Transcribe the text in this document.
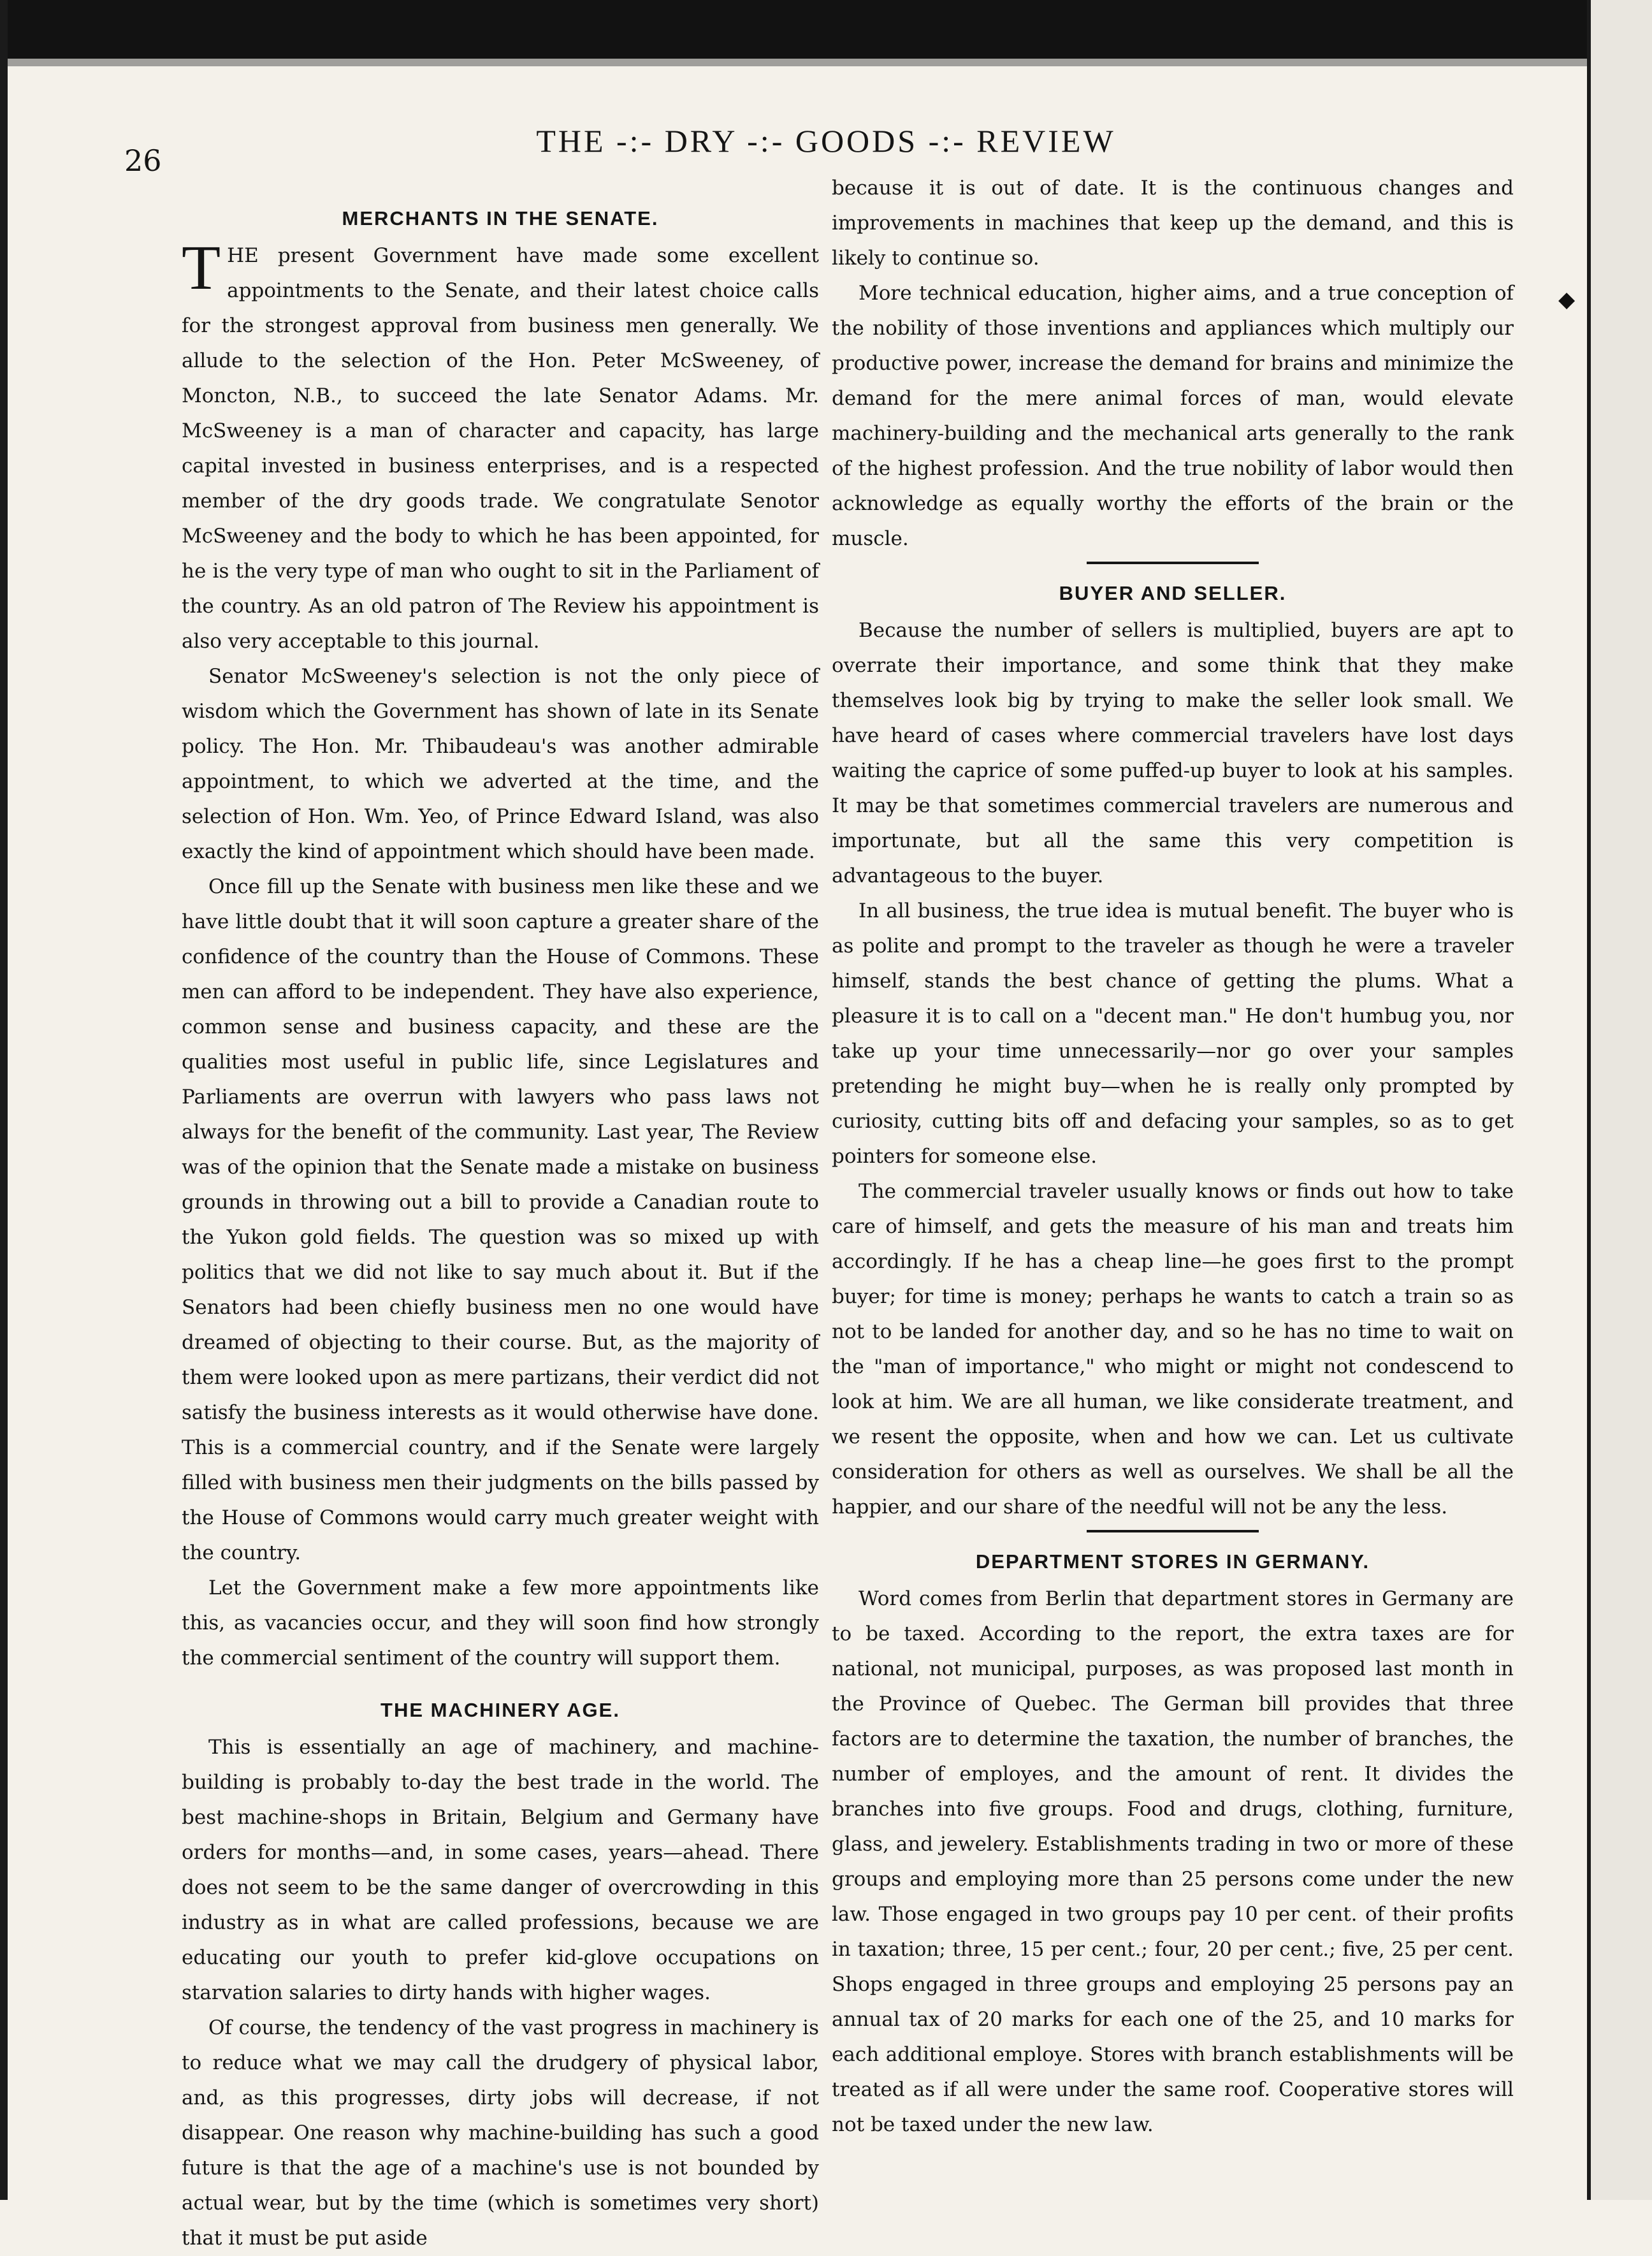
26
THE -:- DRY -:- GOODS -:- REVIEW
◆
MERCHANTS IN THE SENATE.

THE present Government have made some excellent appointments to the Senate, and their latest choice calls for the strongest approval from business men generally. We allude to the selection of the Hon. Peter McSweeney, of Moncton, N.B., to succeed the late Senator Adams. Mr. McSweeney is a man of character and capacity, has large capital invested in business enterprises, and is a respected member of the dry goods trade. We congratulate Senotor McSweeney and the body to which he has been appointed, for he is the very type of man who ought to sit in the Parliament of the country. As an old patron of The Review his appointment is also very acceptable to this journal.

Senator McSweeney's selection is not the only piece of wisdom which the Government has shown of late in its Senate policy. The Hon. Mr. Thibaudeau's was another admirable appointment, to which we adverted at the time, and the selection of Hon. Wm. Yeo, of Prince Edward Island, was also exactly the kind of appointment which should have been made.

Once fill up the Senate with business men like these and we have little doubt that it will soon capture a greater share of the confidence of the country than the House of Commons. These men can afford to be independent. They have also experience, common sense and business capacity, and these are the qualities most useful in public life, since Legislatures and Parliaments are overrun with lawyers who pass laws not always for the benefit of the community. Last year, The Review was of the opinion that the Senate made a mistake on business grounds in throwing out a bill to provide a Canadian route to the Yukon gold fields. The question was so mixed up with politics that we did not like to say much about it. But if the Senators had been chiefly business men no one would have dreamed of objecting to their course. But, as the majority of them were looked upon as mere partizans, their verdict did not satisfy the business interests as it would otherwise have done. This is a commercial country, and if the Senate were largely filled with business men their judgments on the bills passed by the House of Commons would carry much greater weight with the country.

Let the Government make a few more appointments like this, as vacancies occur, and they will soon find how strongly the commercial sentiment of the country will support them.

THE MACHINERY AGE.

This is essentially an age of machinery, and machine-building is probably to-day the best trade in the world. The best machine-shops in Britain, Belgium and Germany have orders for months—and, in some cases, years—ahead. There does not seem to be the same danger of overcrowding in this industry as in what are called professions, because we are educating our youth to prefer kid-glove occupations on starvation salaries to dirty hands with higher wages.

Of course, the tendency of the vast progress in machinery is to reduce what we may call the drudgery of physical labor, and, as this progresses, dirty jobs will decrease, if not disappear. One reason why machine-building has such a good future is that the age of a machine's use is not bounded by actual wear, but by the time (which is sometimes very short) that it must be put aside

because it is out of date. It is the continuous changes and improvements in machines that keep up the demand, and this is likely to continue so.

More technical education, higher aims, and a true conception of the nobility of those inventions and appliances which multiply our productive power, increase the demand for brains and minimize the demand for the mere animal forces of man, would elevate machinery-building and the mechanical arts generally to the rank of the highest profession. And the true nobility of labor would then acknowledge as equally worthy the efforts of the brain or the muscle.

BUYER AND SELLER.

Because the number of sellers is multiplied, buyers are apt to overrate their importance, and some think that they make themselves look big by trying to make the seller look small. We have heard of cases where commercial travelers have lost days waiting the caprice of some puffed-up buyer to look at his samples. It may be that sometimes commercial travelers are numerous and importunate, but all the same this very competition is advantageous to the buyer.

In all business, the true idea is mutual benefit. The buyer who is as polite and prompt to the traveler as though he were a traveler himself, stands the best chance of getting the plums. What a pleasure it is to call on a "decent man." He don't humbug you, nor take up your time unnecessarily—nor go over your samples pretending he might buy—when he is really only prompted by curiosity, cutting bits off and defacing your samples, so as to get pointers for someone else.

The commercial traveler usually knows or finds out how to take care of himself, and gets the measure of his man and treats him accordingly. If he has a cheap line—he goes first to the prompt buyer; for time is money; perhaps he wants to catch a train so as not to be landed for another day, and so he has no time to wait on the "man of importance," who might or might not condescend to look at him. We are all human, we like considerate treatment, and we resent the opposite, when and how we can. Let us cultivate consideration for others as well as ourselves. We shall be all the happier, and our share of the needful will not be any the less.

DEPARTMENT STORES IN GERMANY.

Word comes from Berlin that department stores in Germany are to be taxed. According to the report, the extra taxes are for national, not municipal, purposes, as was proposed last month in the Province of Quebec. The German bill provides that three factors are to determine the taxation, the number of branches, the number of employes, and the amount of rent. It divides the branches into five groups. Food and drugs, clothing, furniture, glass, and jewelery. Establishments trading in two or more of these groups and employing more than 25 persons come under the new law. Those engaged in two groups pay 10 per cent. of their profits in taxation; three, 15 per cent.; four, 20 per cent.; five, 25 per cent. Shops engaged in three groups and employing 25 persons pay an annual tax of 20 marks for each one of the 25, and 10 marks for each additional employe. Stores with branch establishments will be treated as if all were under the same roof. Cooperative stores will not be taxed under the new law.
